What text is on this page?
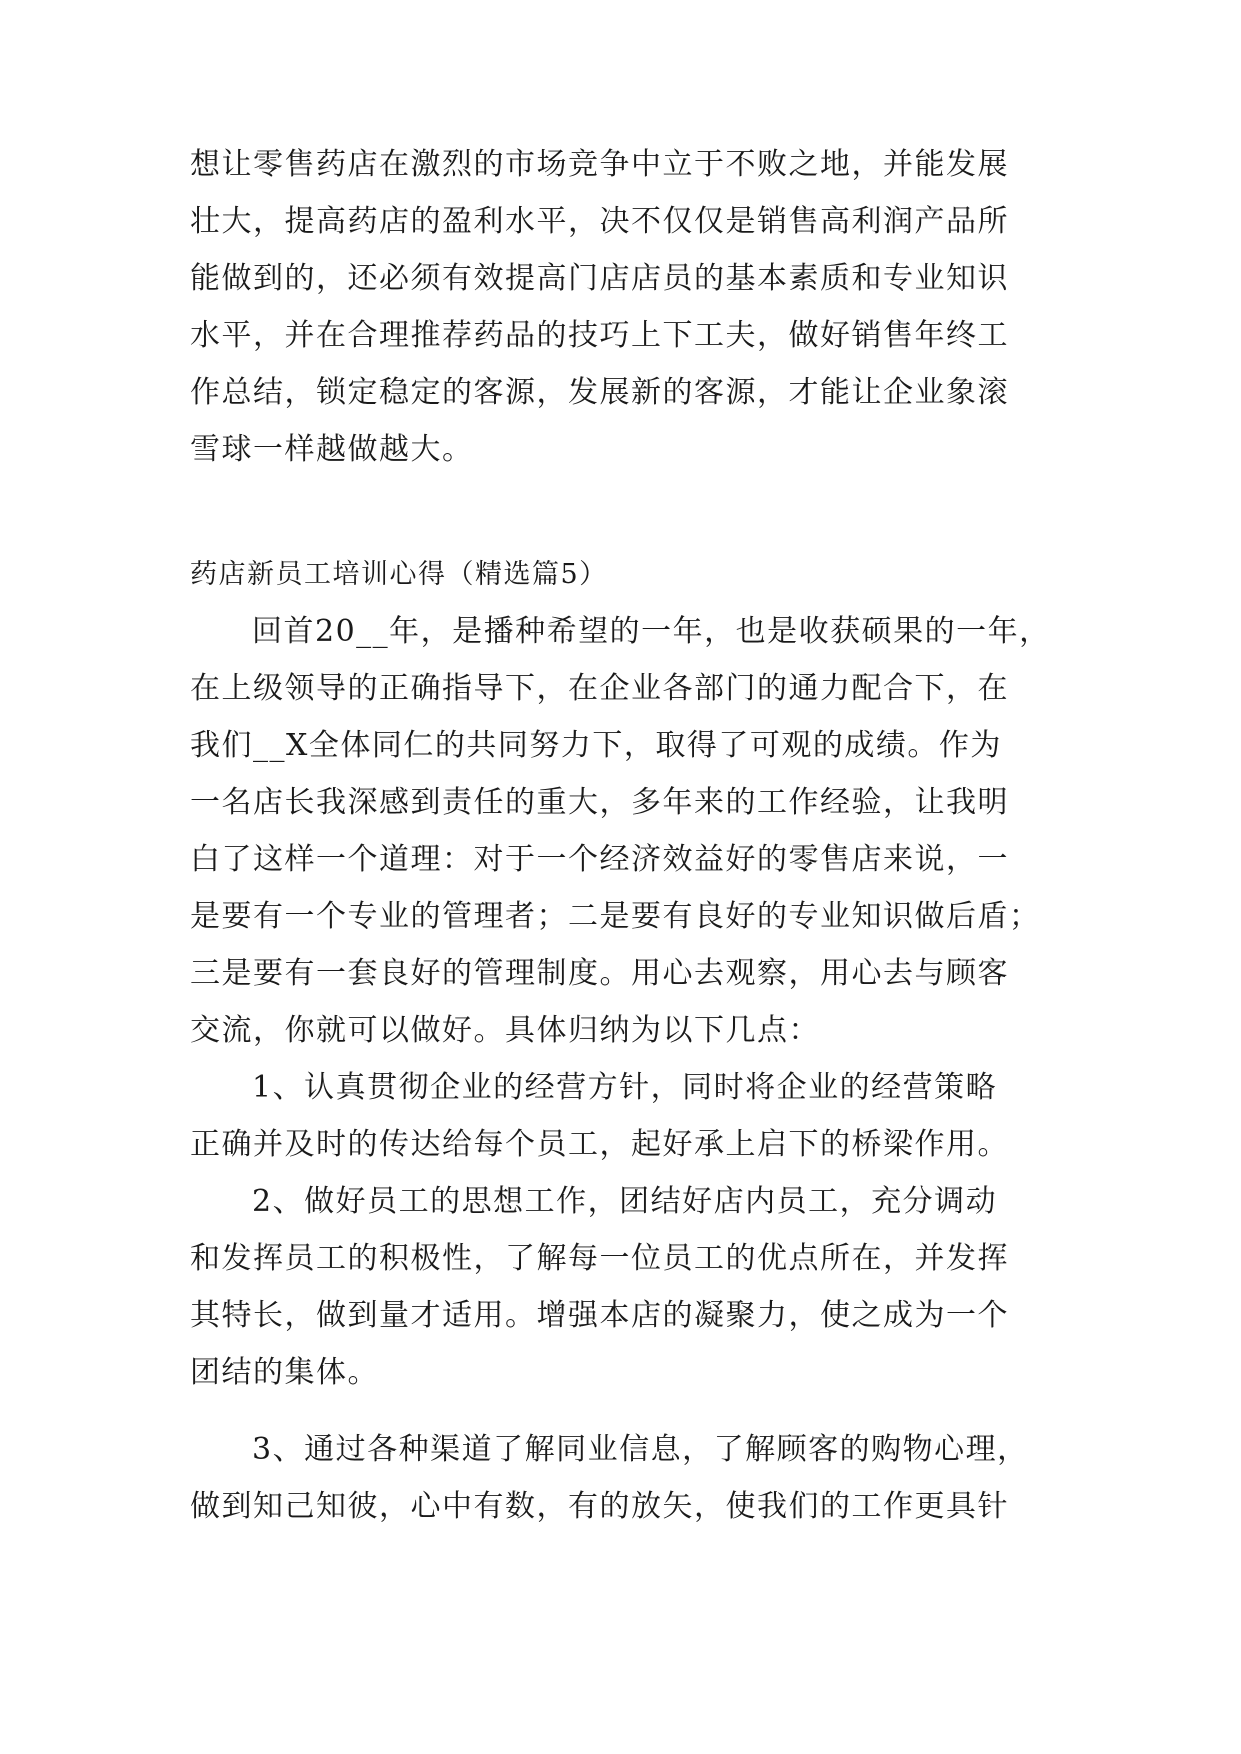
想让零售药店在激烈的市场竞争中立于不败之地，并能发展
壮大，提高药店的盈利水平，决不仅仅是销售高利润产品所
能做到的，还必须有效提高门店店员的基本素质和专业知识
水平，并在合理推荐药品的技巧上下工夫，做好销售年终工
作总结，锁定稳定的客源，发展新的客源，才能让企业象滚
雪球一样越做越大。
药店新员工培训心得（精选篇5）
回首20__年，是播种希望的一年，也是收获硕果的一年，
在上级领导的正确指导下，在企业各部门的通力配合下，在
我们__X全体同仁的共同努力下，取得了可观的成绩。作为
一名店长我深感到责任的重大，多年来的工作经验，让我明
白了这样一个道理：对于一个经济效益好的零售店来说，一
是要有一个专业的管理者；二是要有良好的专业知识做后盾；
三是要有一套良好的管理制度。用心去观察，用心去与顾客
交流，你就可以做好。具体归纳为以下几点：
1、认真贯彻企业的经营方针，同时将企业的经营策略
正确并及时的传达给每个员工，起好承上启下的桥梁作用。
2、做好员工的思想工作，团结好店内员工，充分调动
和发挥员工的积极性，了解每一位员工的优点所在，并发挥
其特长，做到量才适用。增强本店的凝聚力，使之成为一个
团结的集体。
3、通过各种渠道了解同业信息，了解顾客的购物心理，
做到知己知彼，心中有数，有的放矢，使我们的工作更具针
